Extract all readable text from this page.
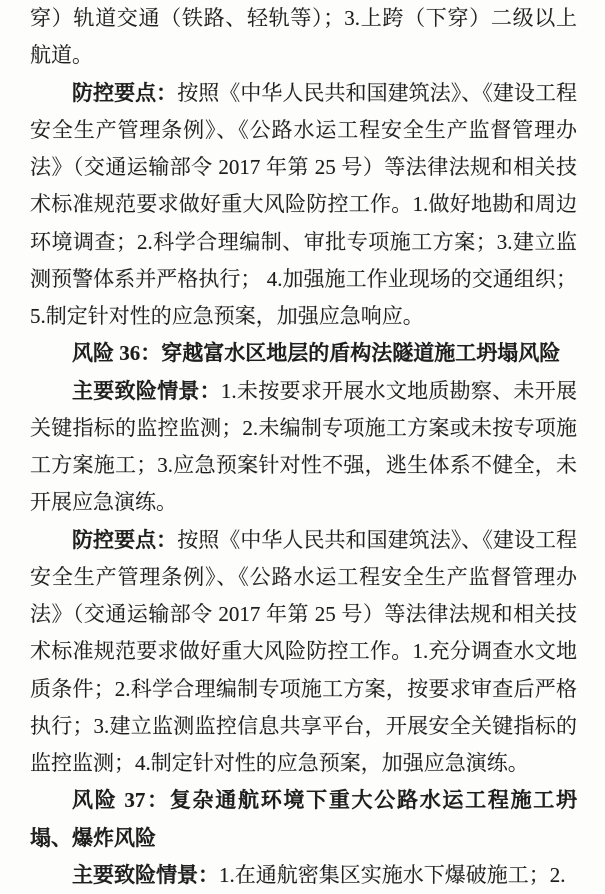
穿）轨道交通（铁路、轻轨等）；3.上跨（下穿）二级以上航道。

防控要点：按照《中华人民共和国建筑法》、《建设工程安全生产管理条例》、《公路水运工程安全生产监督管理办法》（交通运输部令 2017 年第 25 号）等法律法规和相关技术标准规范要求做好重大风险防控工作。1.做好地勘和周边环境调查；2.科学合理编制、审批专项施工方案；3.建立监测预警体系并严格执行； 4.加强施工作业现场的交通组织；5.制定针对性的应急预案，加强应急响应。

风险 36：穿越富水区地层的盾构法隧道施工坍塌风险

主要致险情景：1.未按要求开展水文地质勘察、未开展关键指标的监控监测；2.未编制专项施工方案或未按专项施工方案施工；3.应急预案针对性不强，逃生体系不健全，未开展应急演练。

防控要点：按照《中华人民共和国建筑法》、《建设工程安全生产管理条例》、《公路水运工程安全生产监督管理办法》（交通运输部令 2017 年第 25 号）等法律法规和相关技术标准规范要求做好重大风险防控工作。1.充分调查水文地质条件；2.科学合理编制专项施工方案，按要求审查后严格执行；3.建立监测监控信息共享平台，开展安全关键指标的监控监测；4.制定针对性的应急预案，加强应急演练。

风险 37：复杂通航环境下重大公路水运工程施工坍塌、爆炸风险

主要致险情景：1.在通航密集区实施水下爆破施工；2.
